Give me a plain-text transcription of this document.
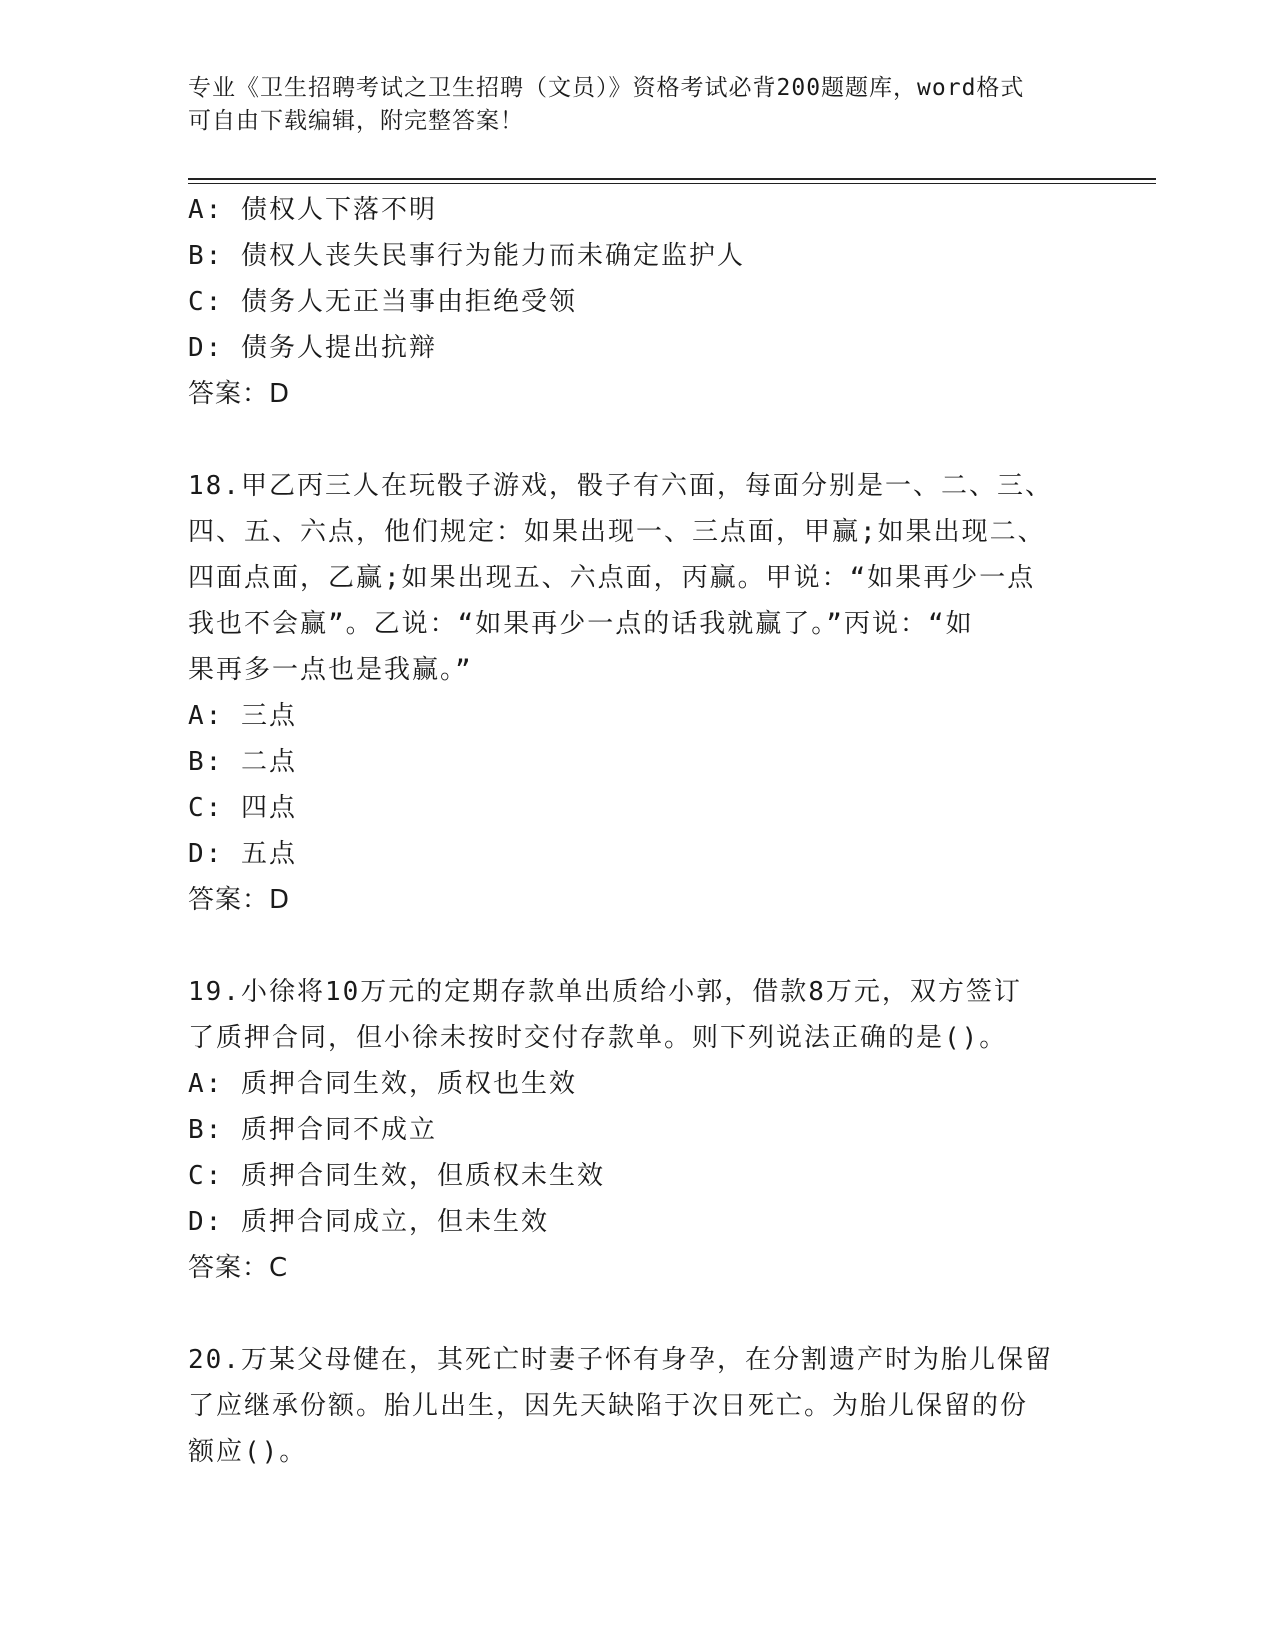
专业《卫生招聘考试之卫生招聘（文员）》资格考试必背200题题库，word格式
可自由下载编辑，附完整答案！
A: 债权人下落不明
B: 债权人丧失民事行为能力而未确定监护人
C: 债务人无正当事由拒绝受领
D: 债务人提出抗辩
答案：D
18.甲乙丙三人在玩骰子游戏，骰子有六面，每面分别是一、二、三、
四、五、六点，他们规定：如果出现一、三点面，甲赢;如果出现二、
四面点面，乙赢;如果出现五、六点面，丙赢。甲说：“如果再少一点
我也不会赢”。乙说：“如果再少一点的话我就赢了。”丙说：“如
果再多一点也是我赢。”
A: 三点
B: 二点
C: 四点
D: 五点
答案：D
19.小徐将10万元的定期存款单出质给小郭，借款8万元，双方签订
了质押合同，但小徐未按时交付存款单。则下列说法正确的是()。
A: 质押合同生效，质权也生效
B: 质押合同不成立
C: 质押合同生效，但质权未生效
D: 质押合同成立，但未生效
答案：C
20.万某父母健在，其死亡时妻子怀有身孕，在分割遗产时为胎儿保留
了应继承份额。胎儿出生，因先天缺陷于次日死亡。为胎儿保留的份
额应()。
